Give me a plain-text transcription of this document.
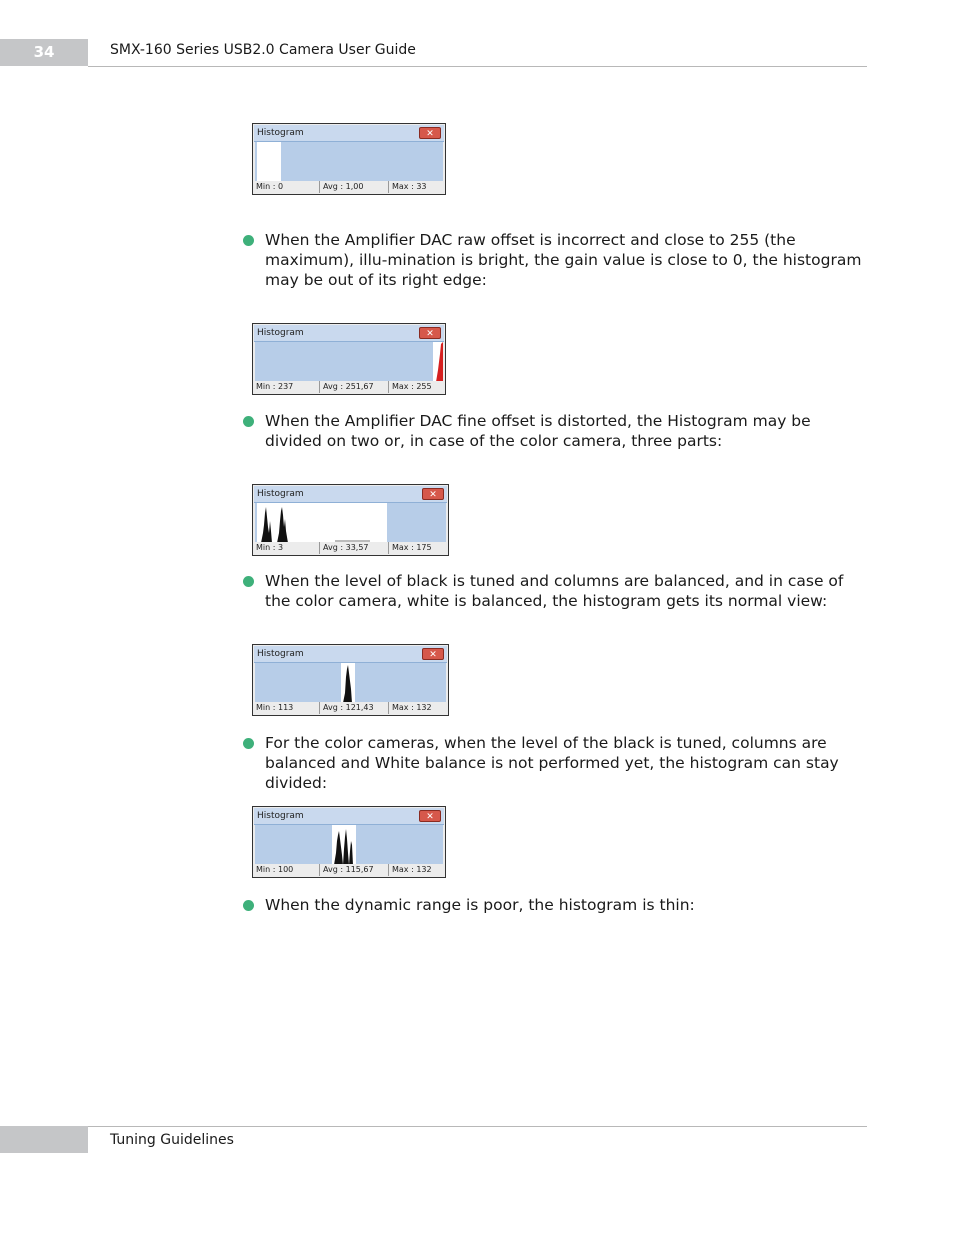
34	SMX-160 Series USB2.0 Camera User Guide
Histogram	✕
Min : 0	Avg : 1,00	Max : 33
When the Amplifier DAC raw offset is incorrect and close to 255 (the maximum), illu-mination is bright, the gain value is close to 0, the histogram may be out of its right edge:
Histogram	✕
Min : 237	Avg : 251,67	Max : 255
When the Amplifier DAC fine offset is distorted, the Histogram may be divided on two or, in case of the color camera, three parts:
Histogram	✕
Min : 3	Avg : 33,57	Max : 175
When the level of black is tuned and columns are balanced, and in case of the color camera, white is balanced, the histogram gets its normal view:
Histogram	✕
Min : 113	Avg : 121,43	Max : 132
For the color cameras, when the level of the black is tuned, columns are balanced and White balance is not performed yet, the histogram can stay divided:
Histogram	✕
Min : 100	Avg : 115,67	Max : 132
When the dynamic range is poor, the histogram is thin:
Tuning Guidelines
